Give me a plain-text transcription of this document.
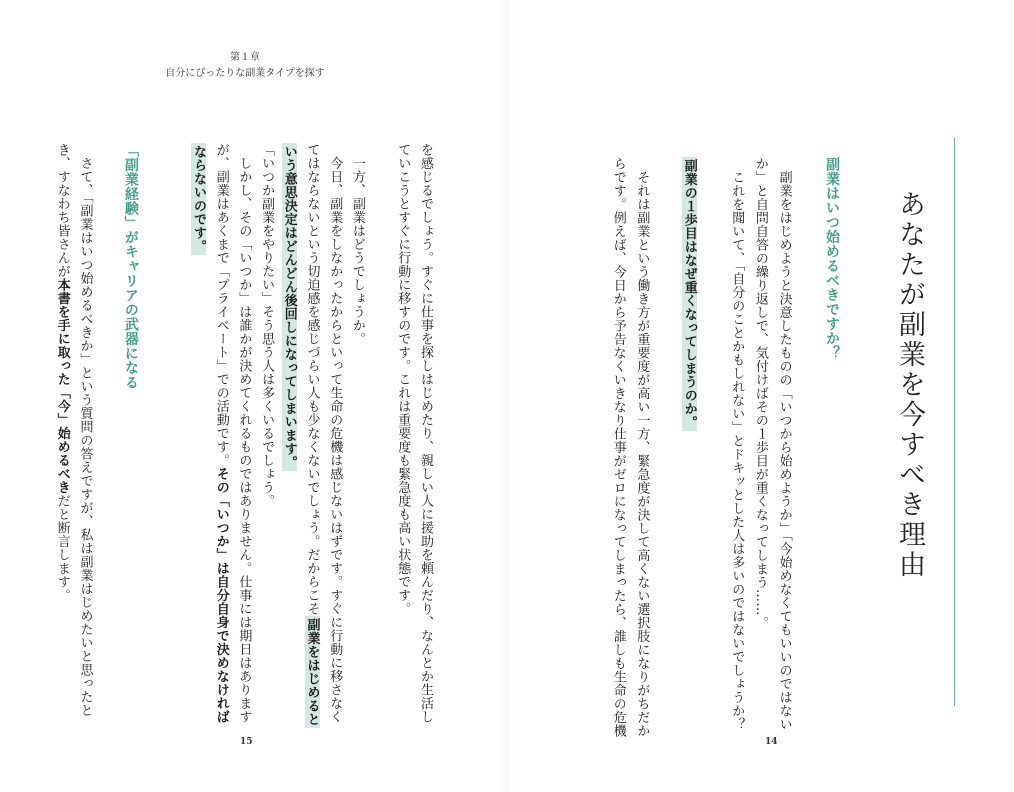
第１章
自分にぴったりな副業タイプを探す
を感じるでしょう。すぐに仕事を探しはじめたり、親しい人に援助を頼んだり、なんとか生活し
ていこうとすぐに行動に移すのです。これは重要度も緊急度も高い状態です。
　一方、副業はどうでしょうか。
　今日、副業をしなかったからといって生命の危機は感じないはずです。すぐに行動に移さなく
てはならないという切迫感を感じづらい人も少なくないでしょう。だからこそ副業をはじめると
いう意思決定はどんどん後回しになってしまいます。
「いつか副業をやりたい」そう思う人は多くいるでしょう。
　しかし、その「いつか」は誰かが決めてくれるものではありません。仕事には期日はあります
が、副業はあくまで「プライベート」での活動です。その「いつか」は自分自身で決めなければ
ならないのです。
「副業経験」がキャリアの武器になる
　さて、「副業はいつ始めるべきか」という質問の答えですが、私は副業はじめたいと思ったと
き、すなわち皆さんが本書を手に取った「今」始めるべきだと断言します。
15
あなたが副業を今すべき理由
副業はいつ始めるべきですか？
　副業をはじめようと決意したものの「いつから始めようか」「今始めなくてもいいのではない
か」と自問自答の繰り返しで、気付けばその１歩目が重くなってしまう……。
　これを聞いて、「自分のことかもしれない」とドキッとした人は多いのではないでしょうか？
副業の１歩目はなぜ重くなってしまうのか。
　それは副業という働き方が重要度が高い一方、緊急度が決して高くない選択肢になりがちだか
らです。例えば、今日から予告なくいきなり仕事がゼロになってしまったら、誰しも生命の危機
14
